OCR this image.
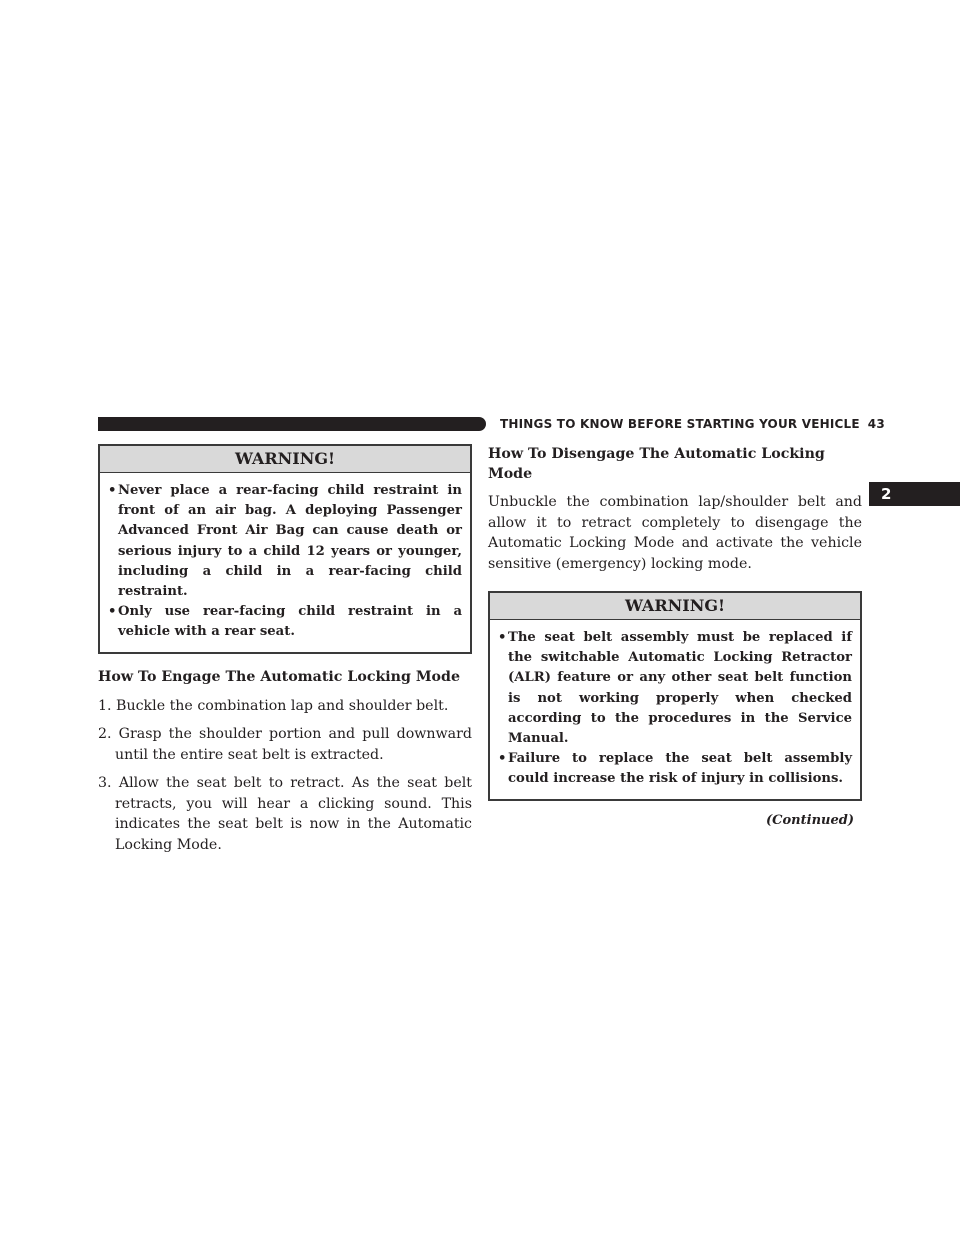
THINGS TO KNOW BEFORE STARTING YOUR VEHICLE 43
2
WARNING!
• Never place a rear-facing child restraint in front of an air bag. A deploying Passenger Advanced Front Air Bag can cause death or serious injury to a child 12 years or younger, including a child in a rear-facing child restraint.
• Only use rear-facing child restraint in a vehicle with a rear seat.
How To Engage The Automatic Locking Mode
1. Buckle the combination lap and shoulder belt.
2. Grasp the shoulder portion and pull downward until the entire seat belt is extracted.
3. Allow the seat belt to retract. As the seat belt retracts, you will hear a clicking sound. This indicates the seat belt is now in the Automatic Locking Mode.
How To Disengage The Automatic Locking Mode

Unbuckle the combination lap/shoulder belt and allow it to retract completely to disengage the Automatic Locking Mode and activate the vehicle sensitive (emergency) locking mode.

WARNING!
• The seat belt assembly must be replaced if the switchable Automatic Locking Retractor (ALR) feature or any other seat belt function is not working properly when checked according to the procedures in the Service Manual.
• Failure to replace the seat belt assembly could increase the risk of injury in collisions.
(Continued)
